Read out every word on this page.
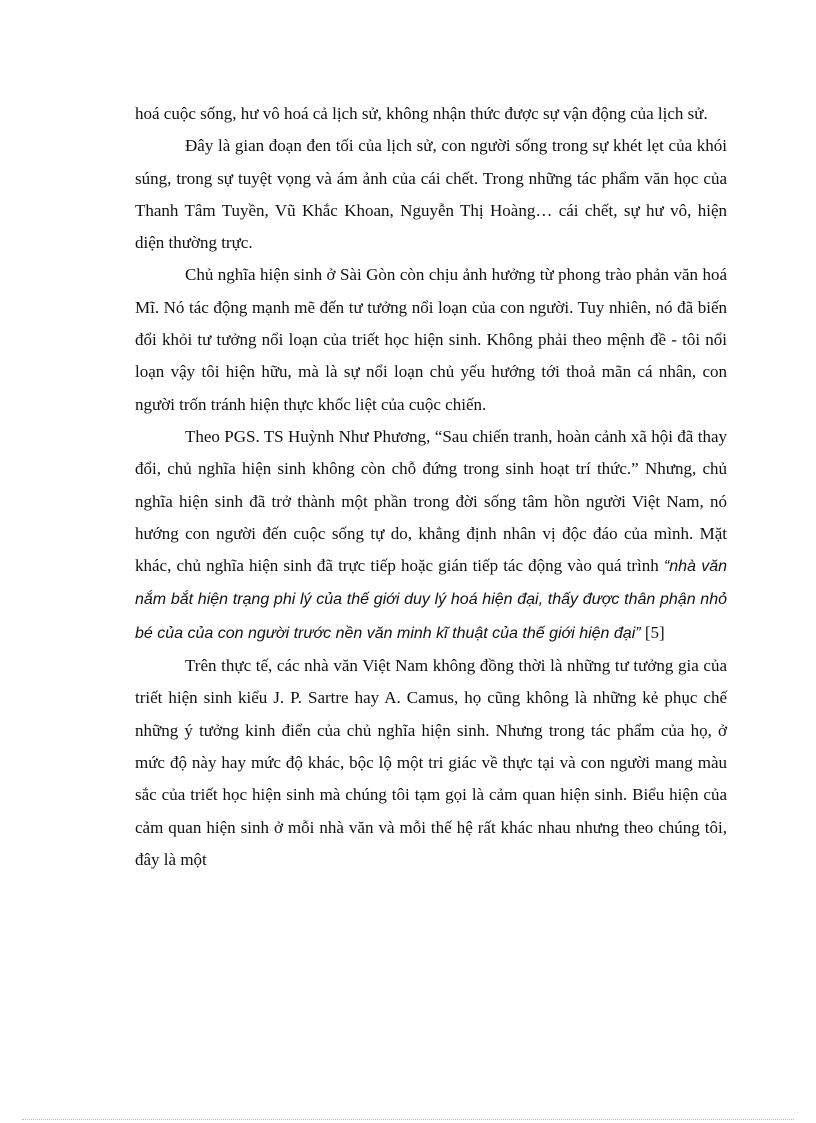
hoá cuộc sống, hư vô hoá cả lịch sử, không nhận thức được sự vận động của lịch sử.

Đây là gian đoạn đen tối của lịch sử, con người sống trong sự khét lẹt của khói súng, trong sự tuyệt vọng và ám ảnh của cái chết. Trong những tác phẩm văn học của Thanh Tâm Tuyền, Vũ Khắc Khoan, Nguyễn Thị Hoàng… cái chết, sự hư vô, hiện diện thường trực.

Chủ nghĩa hiện sinh ở Sài Gòn còn chịu ảnh hưởng từ phong trào phản văn hoá Mĩ. Nó tác động mạnh mẽ đến tư tưởng nổi loạn của con người. Tuy nhiên, nó đã biến đổi khỏi tư tưởng nổi loạn của triết học hiện sinh. Không phải theo mệnh đề - tôi nổi loạn vậy tôi hiện hữu, mà là sự nổi loạn chủ yếu hướng tới thoả mãn cá nhân, con người trốn tránh hiện thực khốc liệt của cuộc chiến.

Theo PGS. TS Huỳnh Như Phương, “Sau chiến tranh, hoàn cảnh xã hội đã thay đổi, chủ nghĩa hiện sinh không còn chỗ đứng trong sinh hoạt trí thức.” Nhưng, chủ nghĩa hiện sinh đã trở thành một phần trong đời sống tâm hồn người Việt Nam, nó hướng con người đến cuộc sống tự do, khẳng định nhân vị độc đáo của mình. Mặt khác, chủ nghĩa hiện sinh đã trực tiếp hoặc gián tiếp tác động vào quá trình “nhà văn nắm bắt hiện trạng phi lý của thế giới duy lý hoá hiện đại, thấy được thân phận nhỏ bé của của con người trước nền văn minh kĩ thuật của thế giới hiện đại” [5]

Trên thực tế, các nhà văn Việt Nam không đồng thời là những tư tưởng gia của triết hiện sinh kiểu J. P. Sartre hay A. Camus, họ cũng không là những kẻ phục chế những ý tưởng kinh điển của chủ nghĩa hiện sinh. Nhưng trong tác phẩm của họ, ở mức độ này hay mức độ khác, bộc lộ một tri giác về thực tại và con người mang màu sắc của triết học hiện sinh mà chúng tôi tạm gọi là cảm quan hiện sinh. Biểu hiện của cảm quan hiện sinh ở mỗi nhà văn và mỗi thế hệ rất khác nhau nhưng theo chúng tôi, đây là một
